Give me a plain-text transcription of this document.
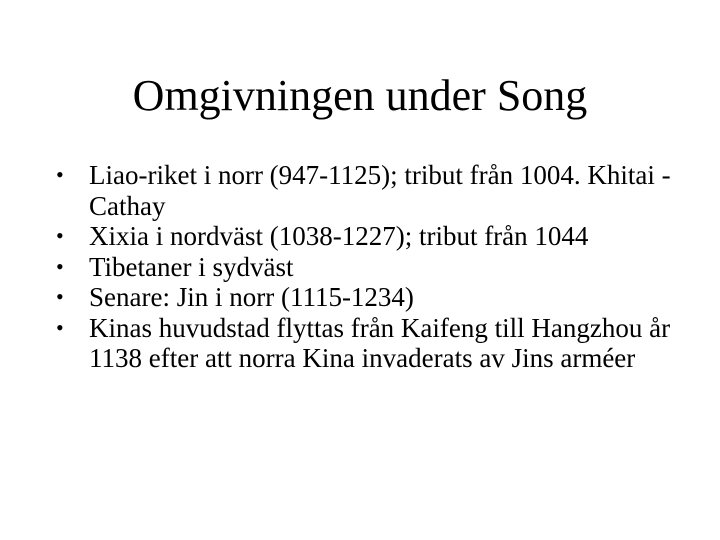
Omgivningen under Song
• Liao-riket i norr (947-1125); tribut från 1004. Khitai - Cathay
• Xixia i nordväst (1038-1227); tribut från 1044
• Tibetaner i sydväst
• Senare: Jin i norr (1115-1234)
• Kinas huvudstad flyttas från Kaifeng till Hangzhou år 1138 efter att norra Kina invaderats av Jins arméer
